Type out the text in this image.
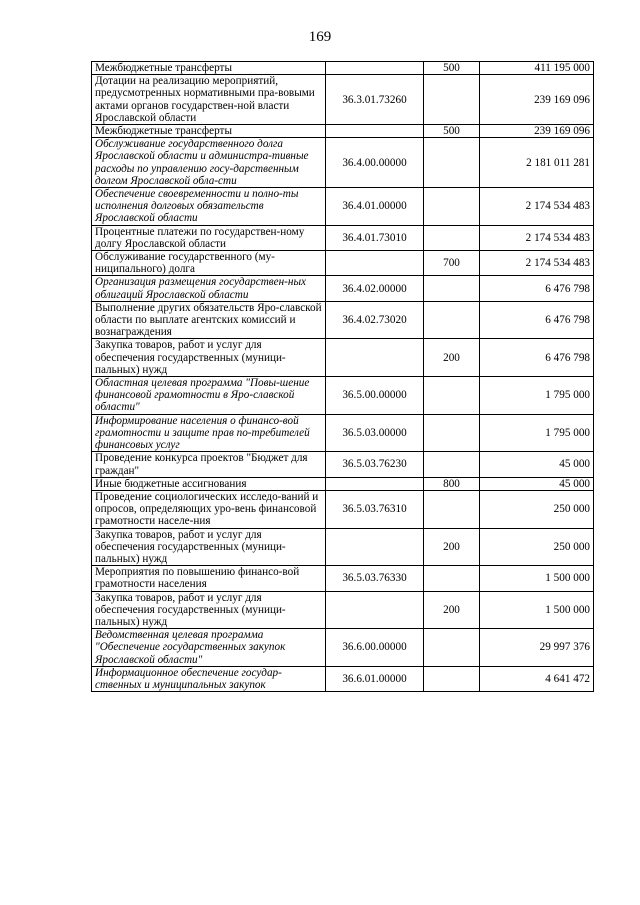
169
Межбюджетные трансферты		500	411 195 000
Дотации на реализацию мероприятий, предусмотренных нормативными пра-вовыми актами органов государствен-ной власти Ярославской области	36.3.01.73260		239 169 096
Межбюджетные трансферты		500	239 169 096
Обслуживание государственного долга Ярославской области и администра-тивные расходы по управлению госу-дарственным долгом Ярославской обла-сти	36.4.00.00000		2 181 011 281
Обеспечение своевременности и полно-ты исполнения долговых обязательств Ярославской области	36.4.01.00000		2 174 534 483
Процентные платежи по государствен-ному долгу Ярославской области	36.4.01.73010		2 174 534 483
Обслуживание государственного (му-ниципального) долга		700	2 174 534 483
Организация размещения государствен-ных облигаций Ярославской области	36.4.02.00000		6 476 798
Выполнение других обязательств Яро-славской области по выплате агентских комиссий и вознаграждения	36.4.02.73020		6 476 798
Закупка товаров, работ и услуг для обеспечения государственных (муници-пальных) нужд		200	6 476 798
Областная целевая программа "Повы-шение финансовой грамотности в Яро-славской области"	36.5.00.00000		1 795 000
Информирование населения о финансо-вой грамотности и защите прав по-требителей финансовых услуг	36.5.03.00000		1 795 000
Проведение конкурса проектов "Бюджет для граждан"	36.5.03.76230		45 000
Иные бюджетные ассигнования		800	45 000
Проведение социологических исследо-ваний и опросов, определяющих уро-вень финансовой грамотности населе-ния	36.5.03.76310		250 000
Закупка товаров, работ и услуг для обеспечения государственных (муници-пальных) нужд		200	250 000
Мероприятия по повышению финансо-вой грамотности населения	36.5.03.76330		1 500 000
Закупка товаров, работ и услуг для обеспечения государственных (муници-пальных) нужд		200	1 500 000
Ведомственная целевая программа "Обеспечение государственных закупок Ярославской области"	36.6.00.00000		29 997 376
Информационное обеспечение государ-ственных и муниципальных закупок	36.6.01.00000		4 641 472
